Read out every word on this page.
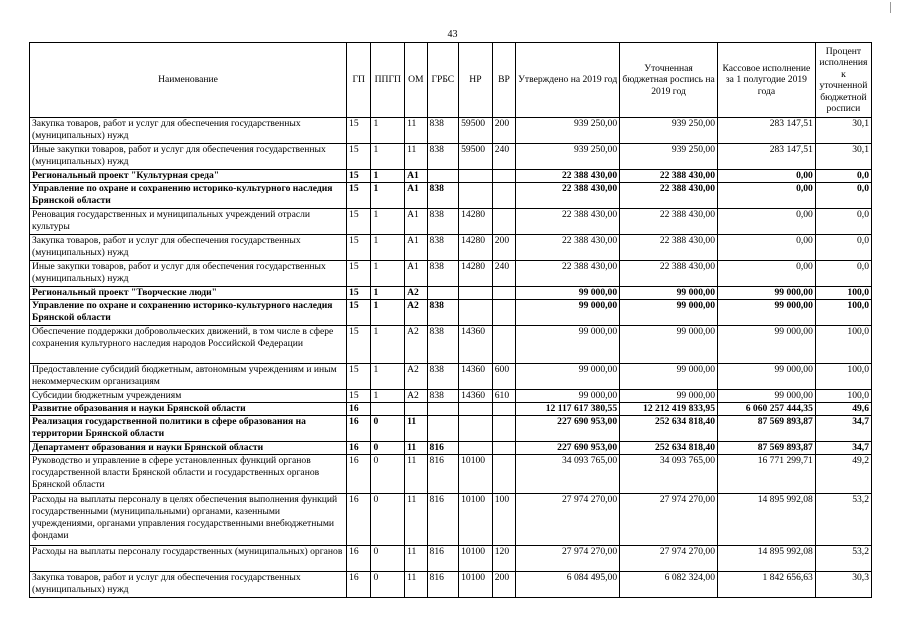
43
Наименование	ГП	ППГП	ОМ	ГРБС	НР	ВР	Утверждено на 2019 год	Уточненная бюджетная роспись на 2019 год	Кассовое исполнение за 1 полугодие 2019 года	Процент исполнения к уточненной бюджетной росписи
Закупка товаров, работ и услуг для обеспечения государственных (муниципальных) нужд	15	1	11	838	59500	200	939 250,00	939 250,00	283 147,51	30,1
Иные закупки товаров, работ и услуг для обеспечения государственных (муниципальных) нужд	15	1	11	838	59500	240	939 250,00	939 250,00	283 147,51	30,1
Региональный проект "Культурная среда"	15	1	A1				22 388 430,00	22 388 430,00	0,00	0,0
Управление по охране и сохранению историко-культурного наследия Брянской области	15	1	A1	838			22 388 430,00	22 388 430,00	0,00	0,0
Реновация государственных и муниципальных учреждений отрасли культуры	15	1	A1	838	14280		22 388 430,00	22 388 430,00	0,00	0,0
Закупка товаров, работ и услуг для обеспечения государственных (муниципальных) нужд	15	1	A1	838	14280	200	22 388 430,00	22 388 430,00	0,00	0,0
Иные закупки товаров, работ и услуг для обеспечения государственных (муниципальных) нужд	15	1	A1	838	14280	240	22 388 430,00	22 388 430,00	0,00	0,0
Региональный проект "Творческие люди"	15	1	A2				99 000,00	99 000,00	99 000,00	100,0
Управление по охране и сохранению историко-культурного наследия Брянской области	15	1	A2	838			99 000,00	99 000,00	99 000,00	100,0
Обеспечение поддержки добровольческих движений, в том числе в сфере сохранения культурного наследия народов Российской Федерации	15	1	A2	838	14360		99 000,00	99 000,00	99 000,00	100,0
Предоставление субсидий бюджетным, автономным учреждениям и иным некоммерческим организациям	15	1	A2	838	14360	600	99 000,00	99 000,00	99 000,00	100,0
Субсидии бюджетным учреждениям	15	1	A2	838	14360	610	99 000,00	99 000,00	99 000,00	100,0
Развитие образования и науки Брянской области	16						12 117 617 380,55	12 212 419 833,95	6 060 257 444,35	49,6
Реализация государственной политики в сфере образования на территории Брянской области	16	0	11				227 690 953,00	252 634 818,40	87 569 893,87	34,7
Департамент образования и науки Брянской области	16	0	11	816			227 690 953,00	252 634 818,40	87 569 893,87	34,7
Руководство и управление в сфере установленных функций органов государственной власти Брянской области и государственных органов Брянской области	16	0	11	816	10100		34 093 765,00	34 093 765,00	16 771 299,71	49,2
Расходы на выплаты персоналу в целях обеспечения выполнения функций государственными (муниципальными) органами, казенными учреждениями, органами управления государственными внебюджетными фондами	16	0	11	816	10100	100	27 974 270,00	27 974 270,00	14 895 992,08	53,2
Расходы на выплаты персоналу государственных (муниципальных) органов	16	0	11	816	10100	120	27 974 270,00	27 974 270,00	14 895 992,08	53,2
Закупка товаров, работ и услуг для обеспечения государственных (муниципальных) нужд	16	0	11	816	10100	200	6 084 495,00	6 082 324,00	1 842 656,63	30,3
